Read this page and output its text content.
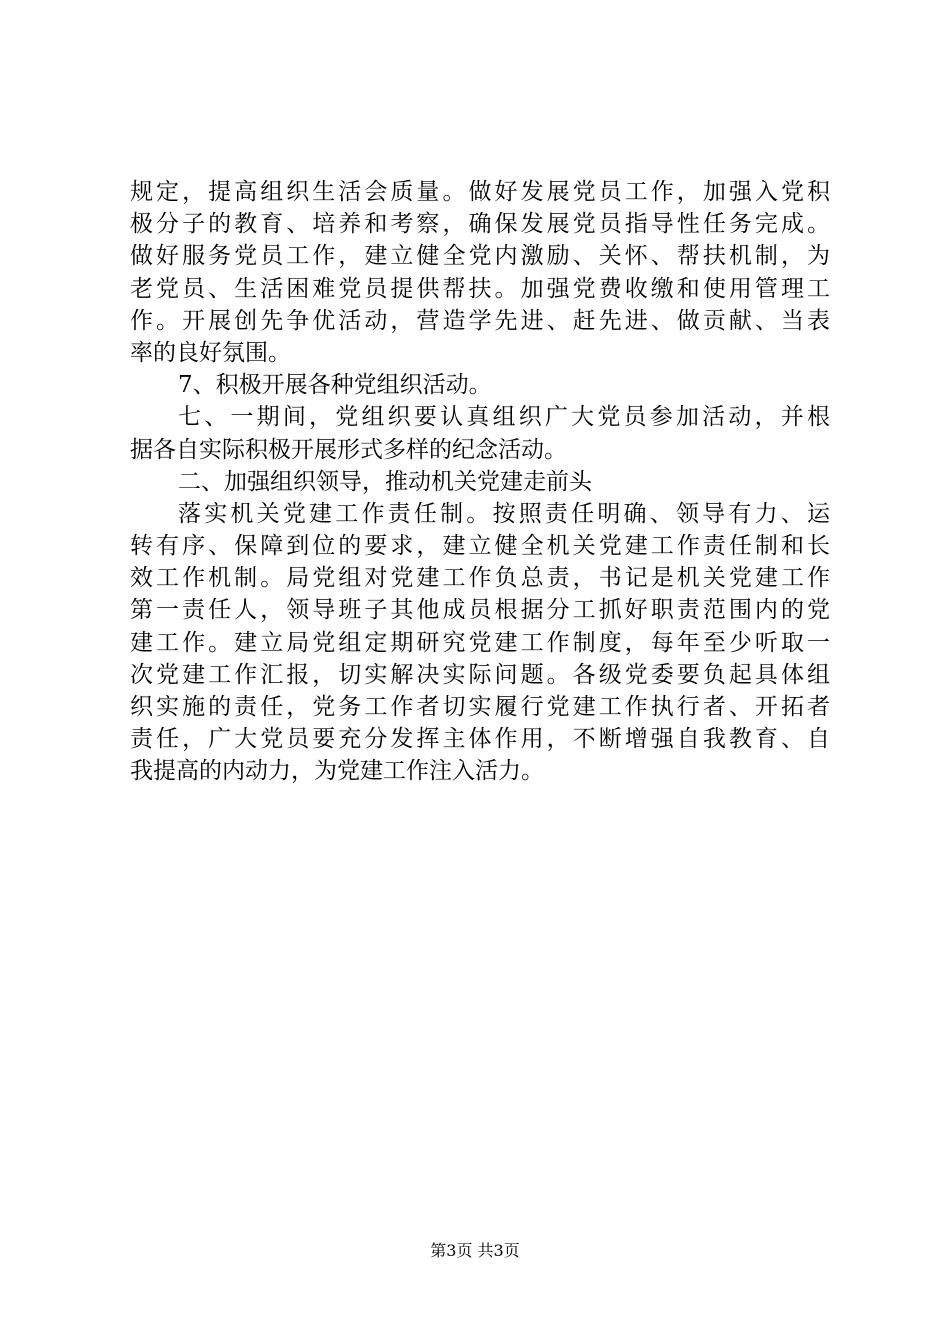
规定，提高组织生活会质量。做好发展党员工作，加强入党积
极分子的教育、培养和考察，确保发展党员指导性任务完成。
做好服务党员工作，建立健全党内激励、关怀、帮扶机制，为
老党员、生活困难党员提供帮扶。加强党费收缴和使用管理工
作。开展创先争优活动，营造学先进、赶先进、做贡献、当表
率的良好氛围。
7、积极开展各种党组织活动。
七、一期间，党组织要认真组织广大党员参加活动，并根
据各自实际积极开展形式多样的纪念活动。
二、加强组织领导，推动机关党建走前头
落实机关党建工作责任制。按照责任明确、领导有力、运
转有序、保障到位的要求，建立健全机关党建工作责任制和长
效工作机制。局党组对党建工作负总责，书记是机关党建工作
第一责任人，领导班子其他成员根据分工抓好职责范围内的党
建工作。建立局党组定期研究党建工作制度，每年至少听取一
次党建工作汇报，切实解决实际问题。各级党委要负起具体组
织实施的责任，党务工作者切实履行党建工作执行者、开拓者
责任，广大党员要充分发挥主体作用，不断增强自我教育、自
我提高的内动力，为党建工作注入活力。
第3页 共3页
